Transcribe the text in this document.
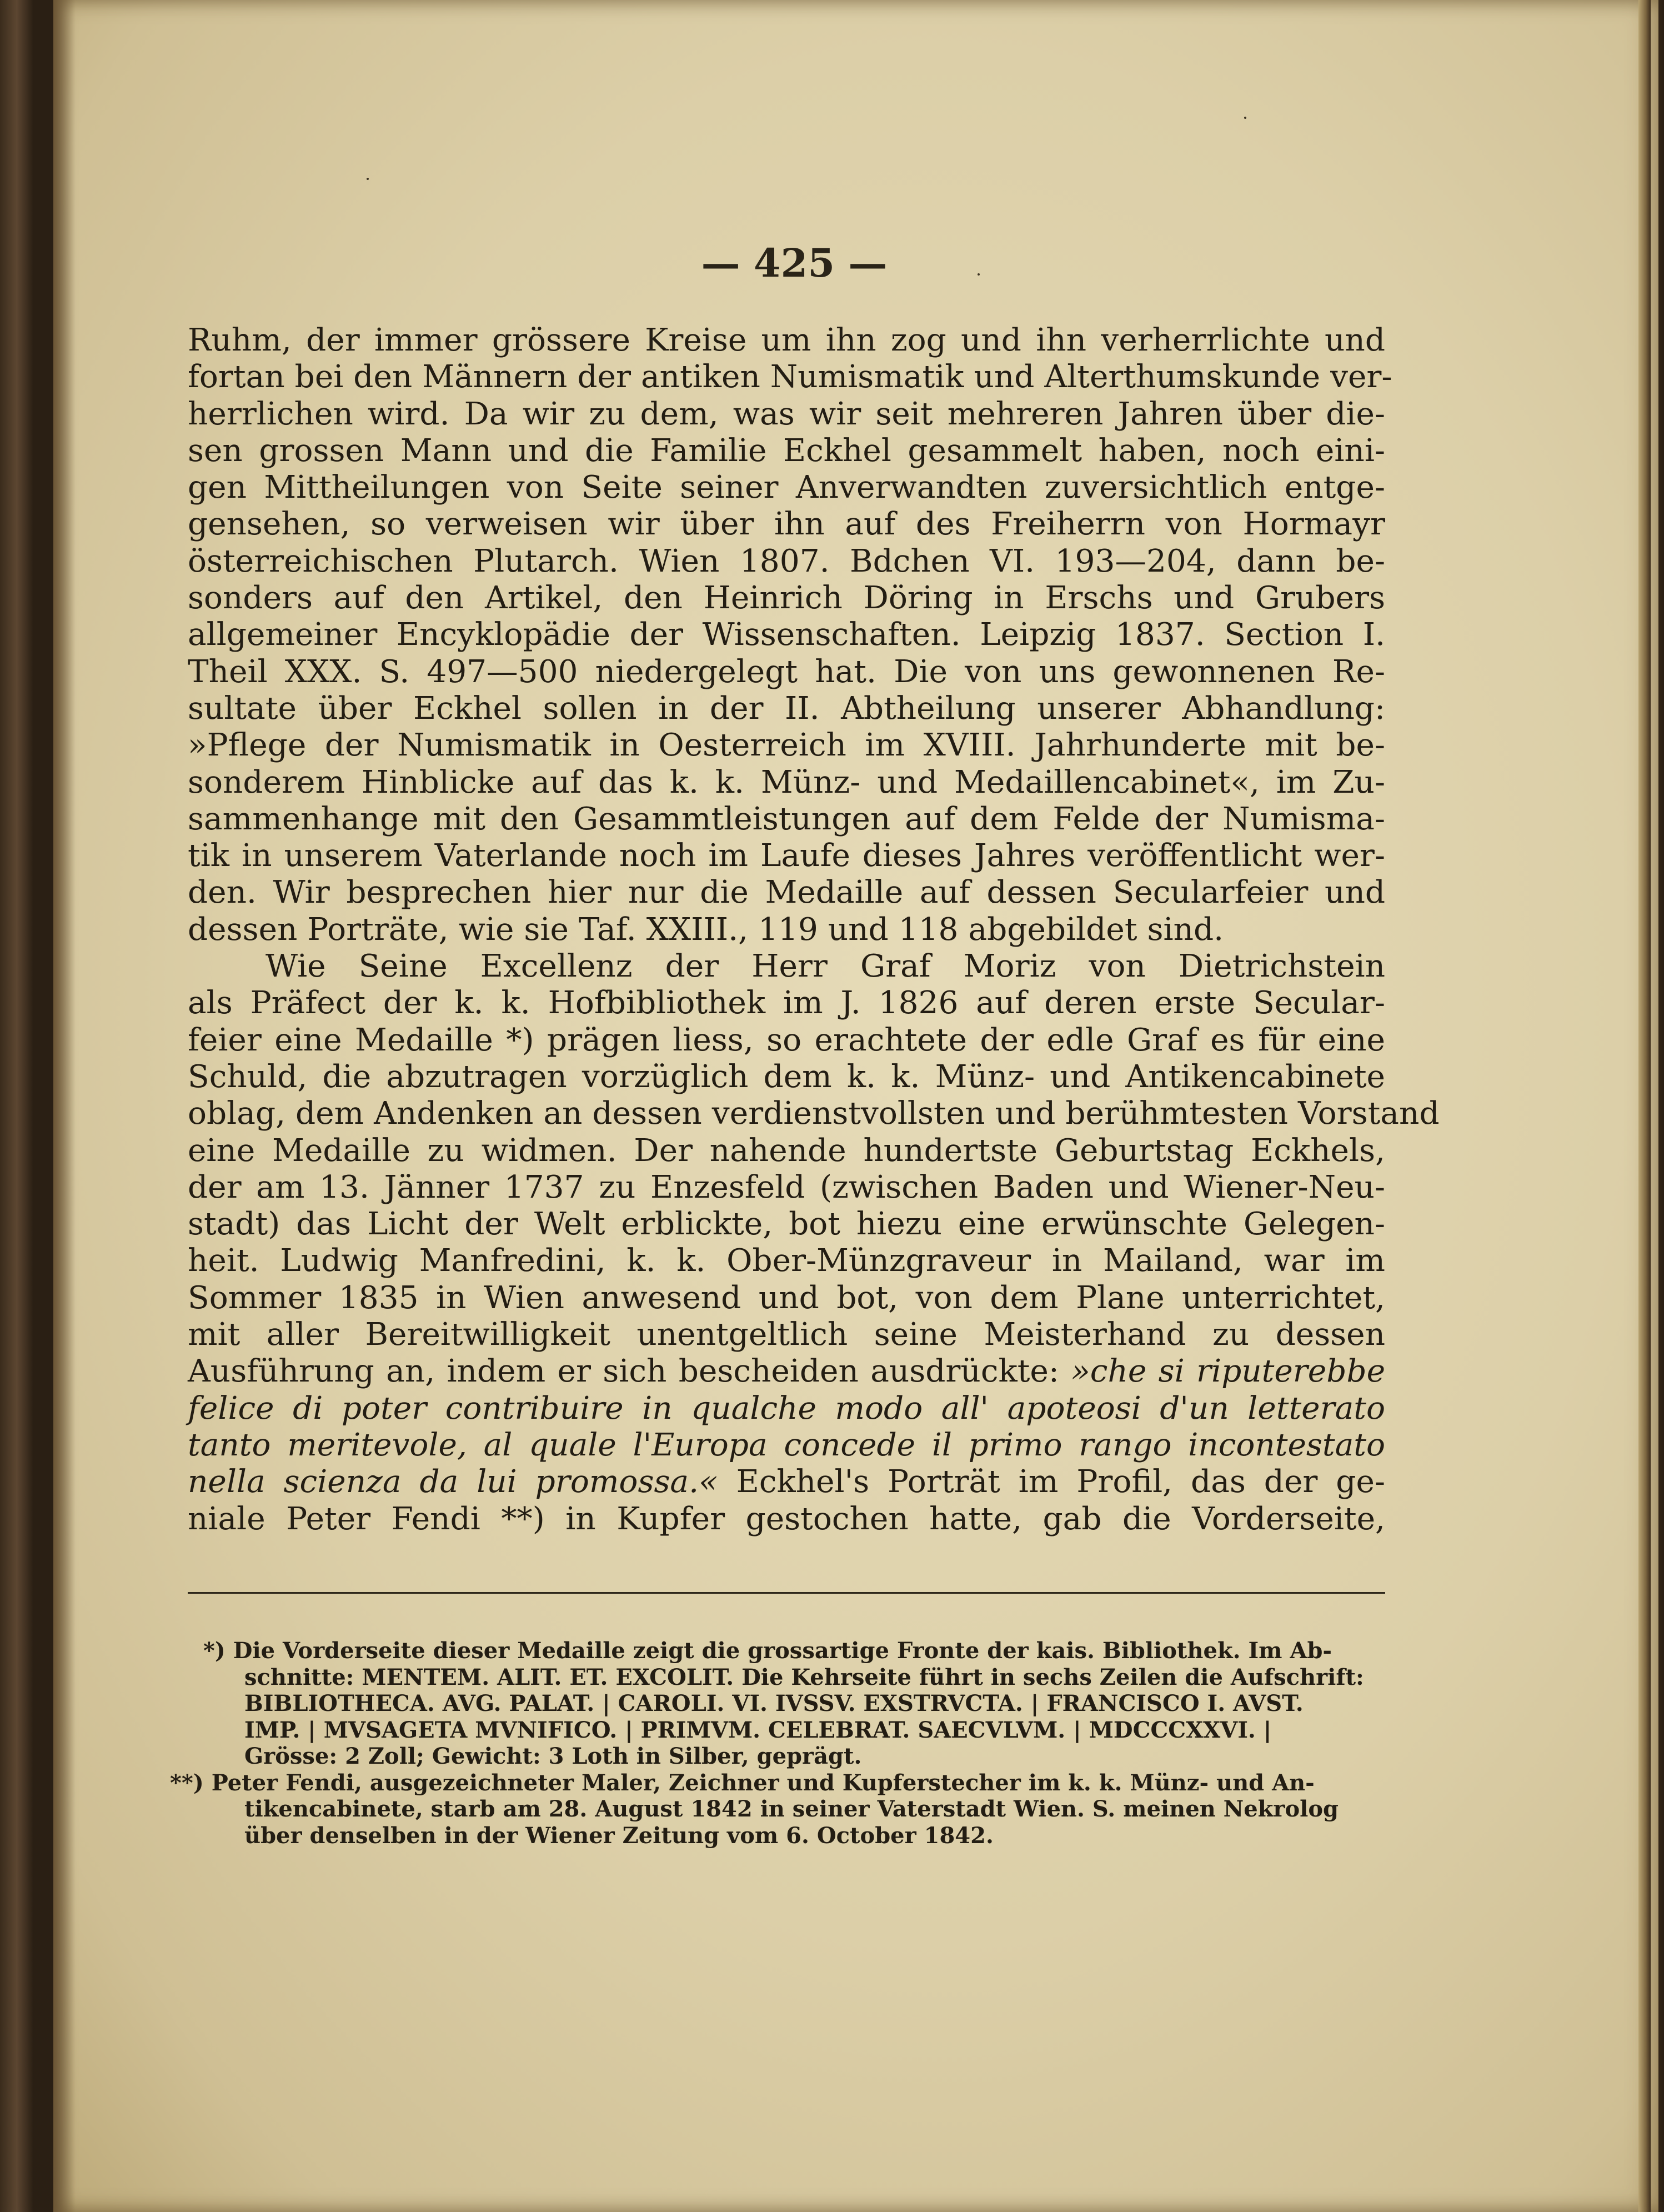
— 425 —
Ruhm, der immer grössere Kreise um ihn zog und ihn verherrlichte und
fortan bei den Männern der antiken Numismatik und Alterthumskunde ver-
herrlichen wird. Da wir zu dem, was wir seit mehreren Jahren über die-
sen grossen Mann und die Familie Eckhel gesammelt haben, noch eini-
gen Mittheilungen von Seite seiner Anverwandten zuversichtlich entge-
gensehen, so verweisen wir über ihn auf des Freiherrn von Hormayr
österreichischen Plutarch. Wien 1807. Bdchen VI. 193—204, dann be-
sonders auf den Artikel, den Heinrich Döring in Erschs und Grubers
allgemeiner Encyklopädie der Wissenschaften. Leipzig 1837. Section I.
Theil XXX. S. 497—500 niedergelegt hat. Die von uns gewonnenen Re-
sultate über Eckhel sollen in der II. Abtheilung unserer Abhandlung:
»Pflege der Numismatik in Oesterreich im XVIII. Jahrhunderte mit be-
sonderem Hinblicke auf das k. k. Münz- und Medaillencabinet«, im Zu-
sammenhange mit den Gesammtleistungen auf dem Felde der Numisma-
tik in unserem Vaterlande noch im Laufe dieses Jahres veröffentlicht wer-
den. Wir besprechen hier nur die Medaille auf dessen Secularfeier und
dessen Porträte, wie sie Taf. XXIII., 119 und 118 abgebildet sind.
Wie Seine Excellenz der Herr Graf Moriz von Dietrichstein
als Präfect der k. k. Hofbibliothek im J. 1826 auf deren erste Secular-
feier eine Medaille *) prägen liess, so erachtete der edle Graf es für eine
Schuld, die abzutragen vorzüglich dem k. k. Münz- und Antikencabinete
oblag, dem Andenken an dessen verdienstvollsten und berühmtesten Vorstand
eine Medaille zu widmen. Der nahende hundertste Geburtstag Eckhels,
der am 13. Jänner 1737 zu Enzesfeld (zwischen Baden und Wiener-Neu-
stadt) das Licht der Welt erblickte, bot hiezu eine erwünschte Gelegen-
heit. Ludwig Manfredini, k. k. Ober-Münzgraveur in Mailand, war im
Sommer 1835 in Wien anwesend und bot, von dem Plane unterrichtet,
mit aller Bereitwilligkeit unentgeltlich seine Meisterhand zu dessen
Ausführung an, indem er sich bescheiden ausdrückte: »che si riputerebbe
felice di poter contribuire in qualche modo all' apoteosi d'un letterato
tanto meritevole, al quale l'Europa concede il primo rango incontestato
nella scienza da lui promossa.« Eckhel's Porträt im Profil, das der ge-
niale Peter Fendi **) in Kupfer gestochen hatte, gab die Vorderseite,
*) Die Vorderseite dieser Medaille zeigt die grossartige Fronte der kais. Bibliothek. Im Ab-
schnitte: MENTEM. ALIT. ET. EXCOLIT. Die Kehrseite führt in sechs Zeilen die Aufschrift:
BIBLIOTHECA. AVG. PALAT. | CAROLI. VI. IVSSV. EXSTRVCTA. | FRANCISCO I. AVST.
IMP. | MVSAGETA MVNIFICO. | PRIMVM. CELEBRAT. SAECVLVM. | MDCCCXXVI. |
Grösse: 2 Zoll; Gewicht: 3 Loth in Silber, geprägt.
**) Peter Fendi, ausgezeichneter Maler, Zeichner und Kupferstecher im k. k. Münz- und An-
tikencabinete, starb am 28. August 1842 in seiner Vaterstadt Wien. S. meinen Nekrolog
über denselben in der Wiener Zeitung vom 6. October 1842.
